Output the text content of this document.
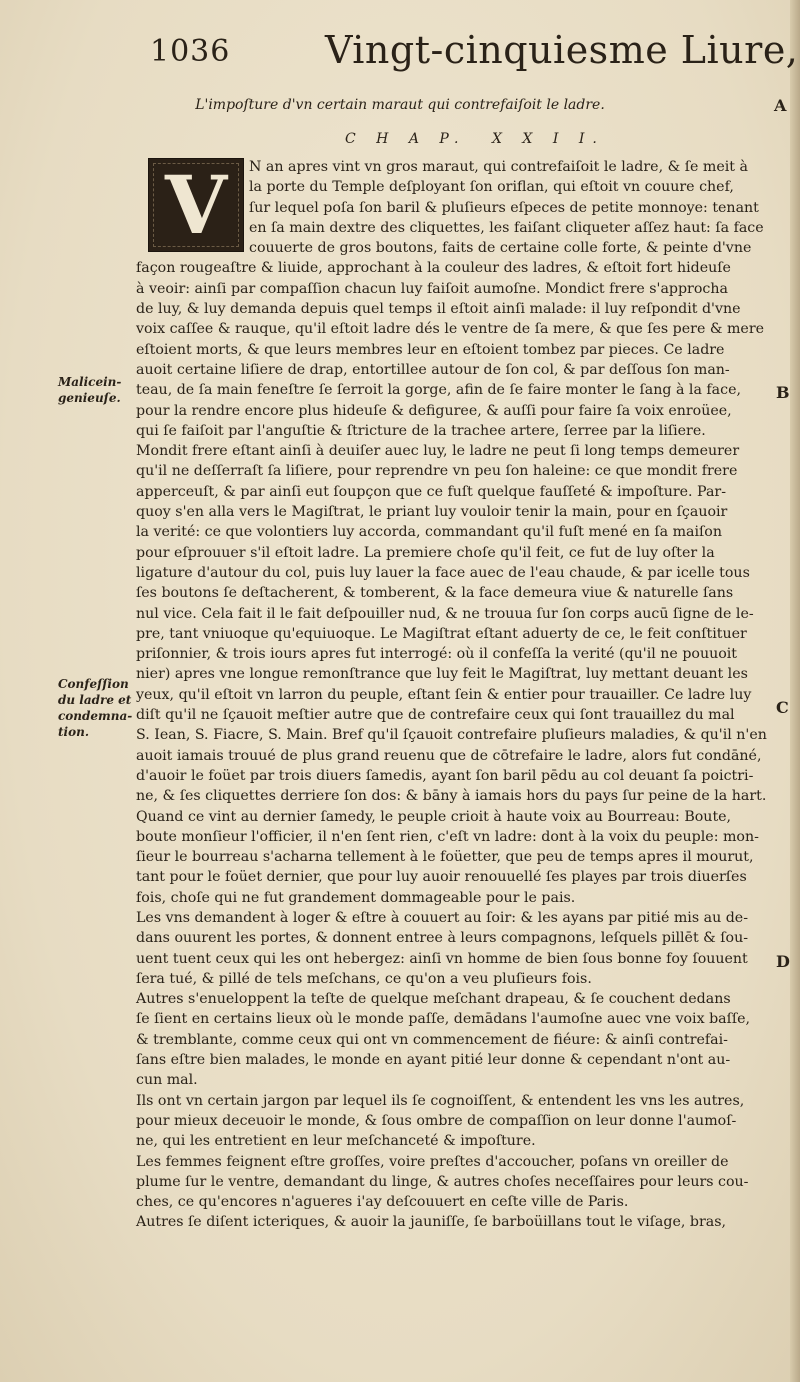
1036 Vingt-cinquiesme Liure,
L'impoſture d'vn certain maraut qui contrefaiſoit le ladre.
C H A P. X X I I.
A
B
C
D
Malicein-
genieuſe.
Confeſſion
du ladre et
condemna-
tion.
V	N an apres vint vn gros maraut, qui contrefaiſoit le ladre, & ſe meit à
la porte du Temple deſployant ſon oriflan, qui eſtoit vn couure chef,
ſur lequel poſa ſon baril & pluſieurs eſpeces de petite monnoye: tenant
en ſa main dextre des cliquettes, les faiſant cliqueter aſſez haut: ſa face
couuerte de gros boutons, faits de certaine colle forte, & peinte d'vne
façon rougeaſtre & liuide, approchant à la couleur des ladres, & eſtoit fort hideuſe
à veoir: ainſi par compaſſion chacun luy faiſoit aumoſne. Mondict frere s'approcha
de luy, & luy demanda depuis quel temps il eſtoit ainſi malade: il luy reſpondit d'vne
voix caſſee & rauque, qu'il eſtoit ladre dés le ventre de ſa mere, & que ſes pere & mere
eſtoient morts, & que leurs membres leur en eſtoient tombez par pieces. Ce ladre
auoit certaine liſiere de drap, entortillee autour de ſon col, & par deſſous ſon man-
teau, de ſa main feneſtre ſe ſerroit la gorge, afin de ſe faire monter le ſang à la face,
pour la rendre encore plus hideuſe & defiguree, & auſſi pour faire ſa voix enroüee,
qui ſe faiſoit par l'anguſtie & ſtricture de la trachee artere, ſerree par la liſiere.
Mondit frere eſtant ainſi à deuiſer auec luy, le ladre ne peut ſi long temps demeurer
qu'il ne deſſerraſt ſa liſiere, pour reprendre vn peu ſon haleine: ce que mondit frere
apperceuſt, & par ainſi eut ſoupçon que ce fuſt quelque fauſſeté & impoſture. Par-
quoy s'en alla vers le Magiſtrat, le priant luy vouloir tenir la main, pour en ſçauoir
la verité: ce que volontiers luy accorda, commandant qu'il fuſt mené en ſa maiſon
pour eſprouuer s'il eſtoit ladre. La premiere choſe qu'il feit, ce fut de luy oſter la
ligature d'autour du col, puis luy lauer la face auec de l'eau chaude, & par icelle tous
ſes boutons ſe deſtacherent, & tomberent, & la face demeura viue & naturelle ſans
nul vice. Cela fait il le fait deſpouiller nud, & ne trouua ſur ſon corps aucū ſigne de le-
pre, tant vniuoque qu'equiuoque. Le Magiſtrat eſtant aduerty de ce, le feit conſtituer
priſonnier, & trois iours apres fut interrogé: où il confeſſa la verité (qu'il ne pouuoit
nier) apres vne longue remonſtrance que luy feit le Magiſtrat, luy mettant deuant les
yeux, qu'il eſtoit vn larron du peuple, eſtant ſein & entier pour trauailler. Ce ladre luy
diſt qu'il ne ſçauoit meſtier autre que de contrefaire ceux qui ſont trauaillez du mal
S. Iean, S. Fiacre, S. Main. Bref qu'il ſçauoit contrefaire pluſieurs maladies, & qu'il n'en
auoit iamais trouué de plus grand reuenu que de cōtrefaire le ladre, alors fut condāné,
d'auoir le foüet par trois diuers ſamedis, ayant ſon baril pēdu au col deuant ſa poictri-
ne, & ſes cliquettes derriere ſon dos: & bāny à iamais hors du pays ſur peine de la hart.
Quand ce vint au dernier ſamedy, le peuple crioit à haute voix au Bourreau: Boute,
boute monſieur l'officier, il n'en ſent rien, c'eſt vn ladre: dont à la voix du peuple: mon-
ſieur le bourreau s'acharna tellement à le foüetter, que peu de temps apres il mourut,
tant pour le foüet dernier, que pour luy auoir renouuellé ſes playes par trois diuerſes
fois, choſe qui ne fut grandement dommageable pour le pais.
Les vns demandent à loger & eſtre à couuert au ſoir: & les ayans par pitié mis au de-
dans ouurent les portes, & donnent entree à leurs compagnons, leſquels pillēt & ſou-
uent tuent ceux qui les ont hebergez: ainſi vn homme de bien ſous bonne foy ſouuent
ſera tué, & pillé de tels meſchans, ce qu'on a veu pluſieurs fois.
Autres s'enueloppent la teſte de quelque meſchant drapeau, & ſe couchent dedans
ſe ſient en certains lieux où le monde paſſe, demādans l'aumoſne auec vne voix baſſe,
& tremblante, comme ceux qui ont vn commencement de fiéure: & ainſi contrefai-
ſans eſtre bien malades, le monde en ayant pitié leur donne & cependant n'ont au-
cun mal.
Ils ont vn certain jargon par lequel ils ſe cognoiſſent, & entendent les vns les autres,
pour mieux deceuoir le monde, & ſous ombre de compaſſion on leur donne l'aumoſ-
ne, qui les entretient en leur meſchanceté & impoſture.
Les femmes feignent eſtre groſſes, voire preſtes d'accoucher, poſans vn oreiller de
plume ſur le ventre, demandant du linge, & autres choſes neceſſaires pour leurs cou-
ches, ce qu'encores n'agueres i'ay deſcouuert en ceſte ville de Paris.
Autres ſe diſent icteriques, & auoir la jauniſſe, ſe barboüillans tout le viſage, bras,
